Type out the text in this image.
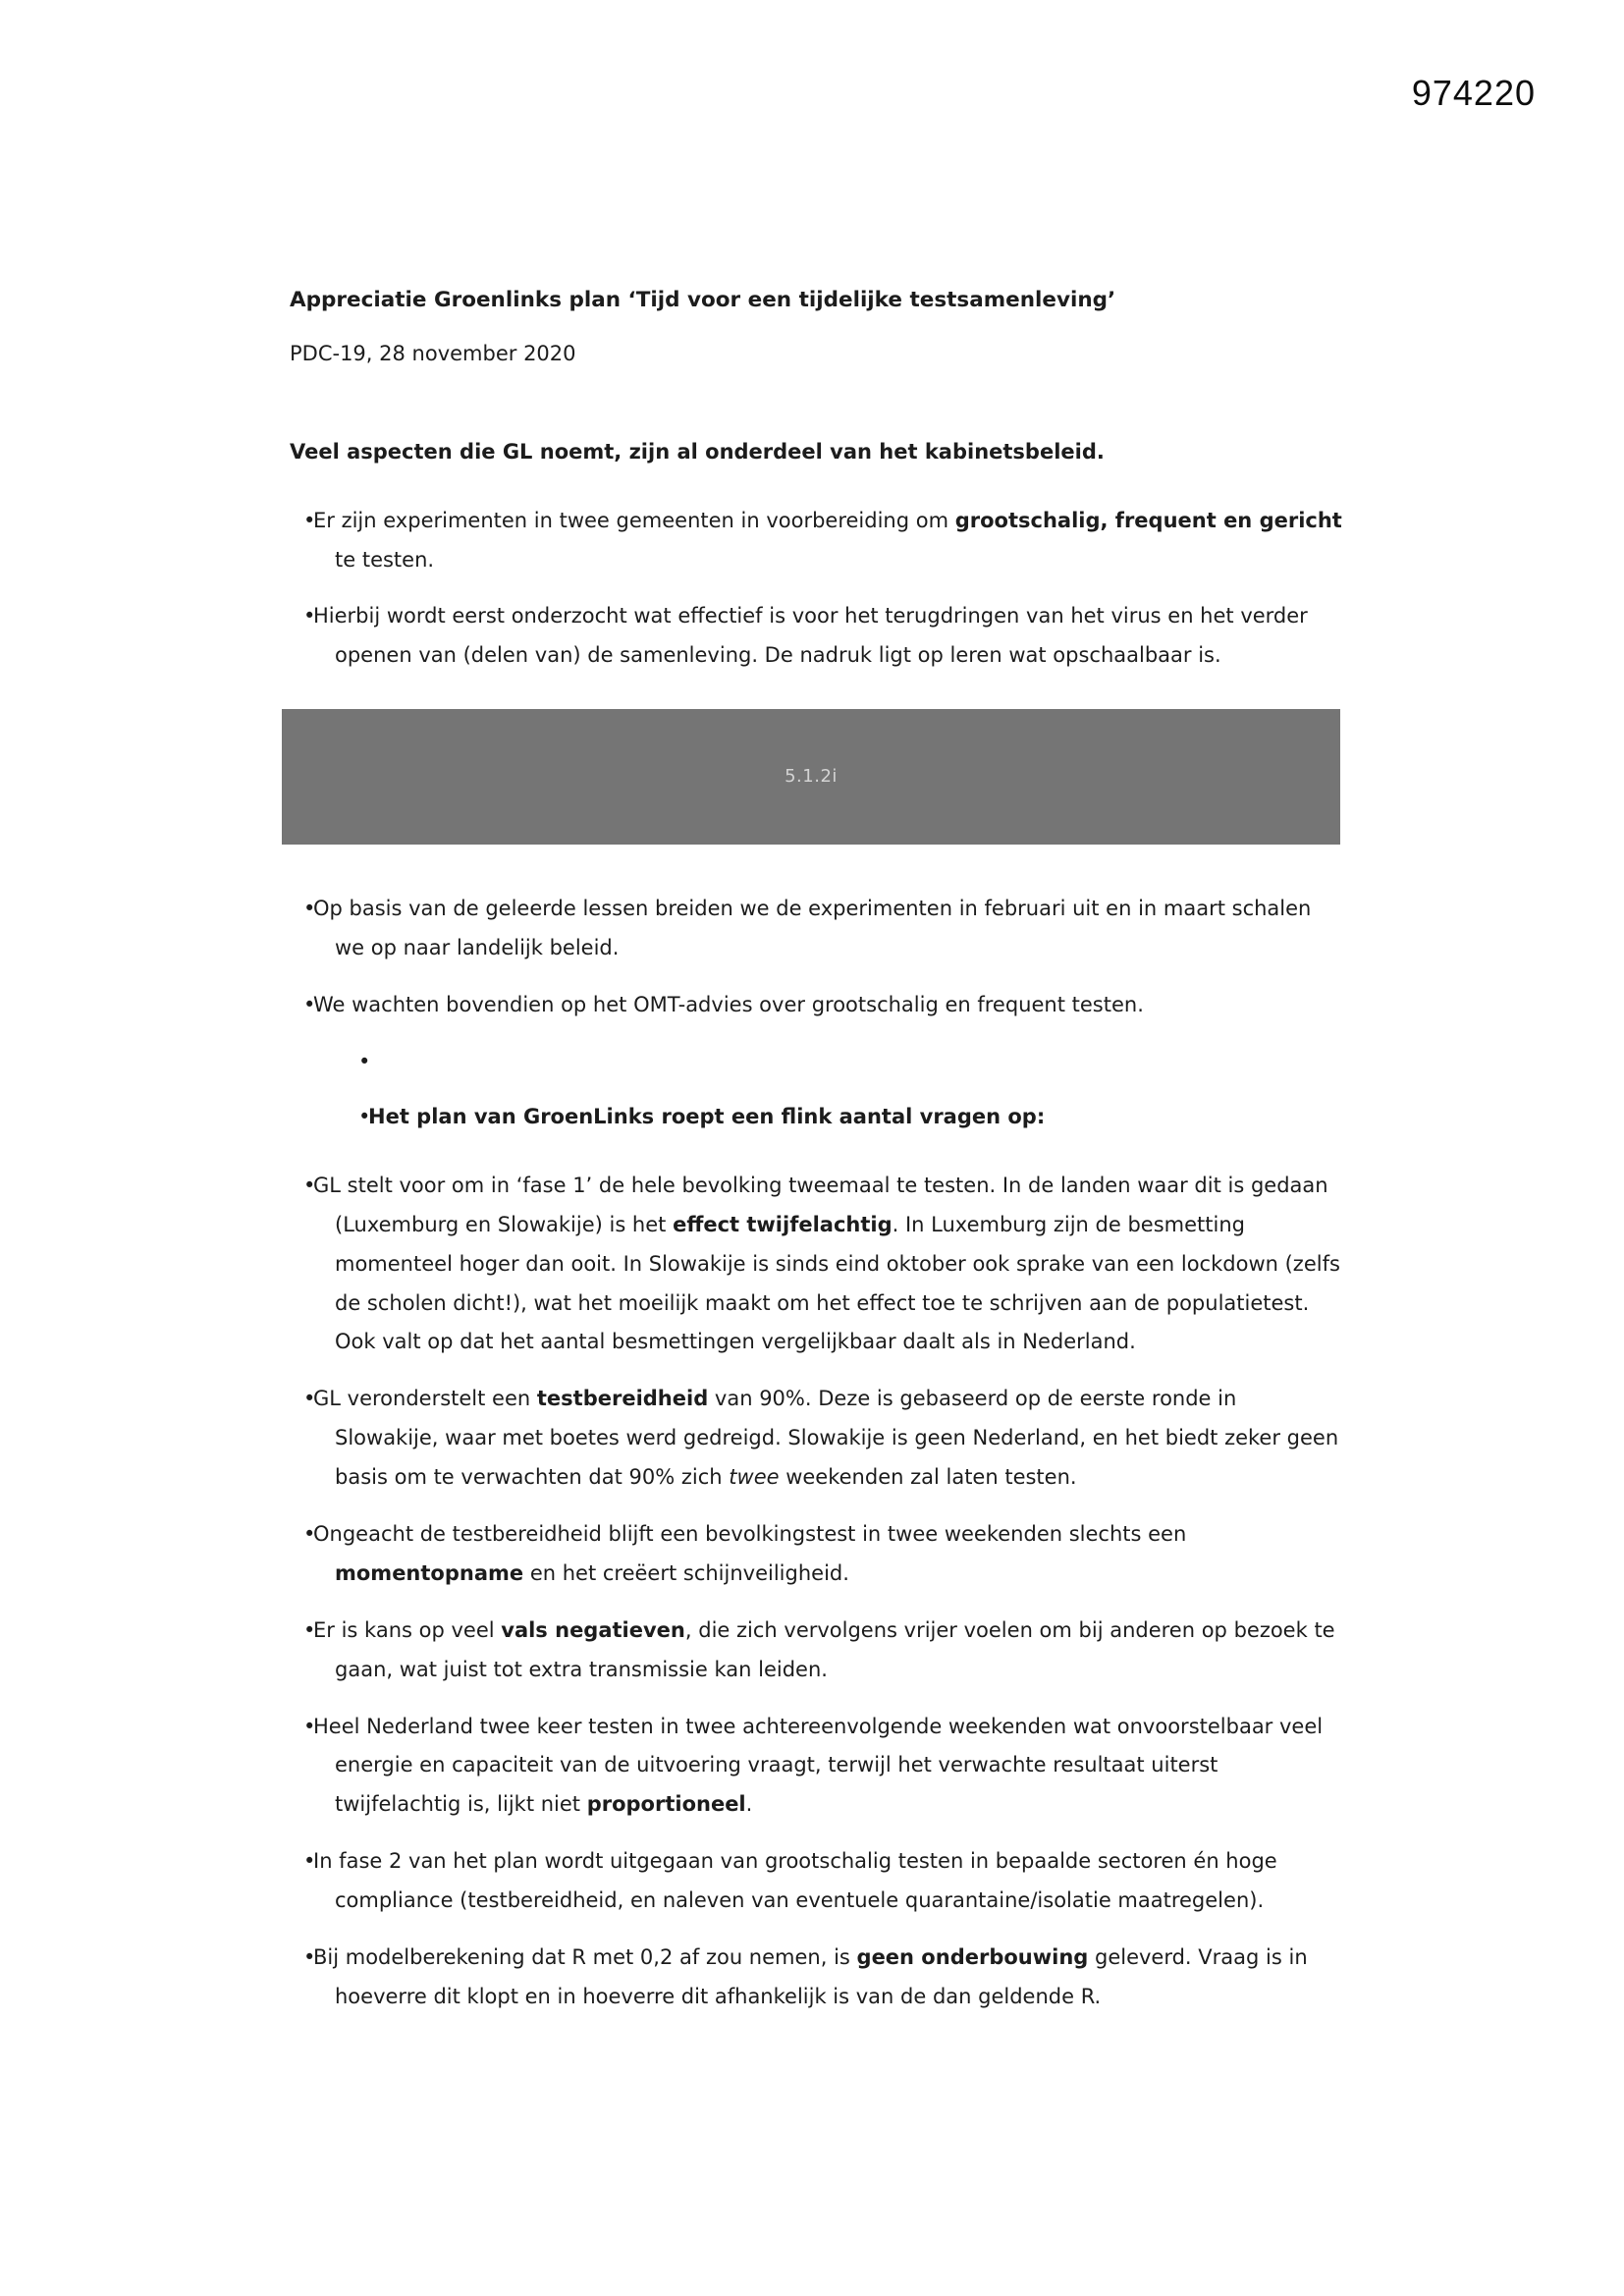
974220
Appreciatie Groenlinks plan ‘Tijd voor een tijdelijke testsamenleving’
PDC-19, 28 november 2020
Veel aspecten die GL noemt, zijn al onderdeel van het kabinetsbeleid.
• Er zijn experimenten in twee gemeenten in voorbereiding om grootschalig, frequent en gericht te testen.
• Hierbij wordt eerst onderzocht wat effectief is voor het terugdringen van het virus en het verder openen van (delen van) de samenleving. De nadruk ligt op leren wat opschaalbaar is.
5.1.2i
• Op basis van de geleerde lessen breiden we de experimenten in februari uit en in maart schalen we op naar landelijk beleid.
• We wachten bovendien op het OMT-advies over grootschalig en frequent testen.
•
• Het plan van GroenLinks roept een flink aantal vragen op:
• GL stelt voor om in ‘fase 1’ de hele bevolking tweemaal te testen. In de landen waar dit is gedaan (Luxemburg en Slowakije) is het effect twijfelachtig. In Luxemburg zijn de besmetting momenteel hoger dan ooit. In Slowakije is sinds eind oktober ook sprake van een lockdown (zelfs de scholen dicht!), wat het moeilijk maakt om het effect toe te schrijven aan de populatietest. Ook valt op dat het aantal besmettingen vergelijkbaar daalt als in Nederland.
• GL veronderstelt een testbereidheid van 90%. Deze is gebaseerd op de eerste ronde in Slowakije, waar met boetes werd gedreigd. Slowakije is geen Nederland, en het biedt zeker geen basis om te verwachten dat 90% zich twee weekenden zal laten testen.
• Ongeacht de testbereidheid blijft een bevolkingstest in twee weekenden slechts een momentopname en het creëert schijnveiligheid.
• Er is kans op veel vals negatieven, die zich vervolgens vrijer voelen om bij anderen op bezoek te gaan, wat juist tot extra transmissie kan leiden.
• Heel Nederland twee keer testen in twee achtereenvolgende weekenden wat onvoorstelbaar veel energie en capaciteit van de uitvoering vraagt, terwijl het verwachte resultaat uiterst twijfelachtig is, lijkt niet proportioneel.
• In fase 2 van het plan wordt uitgegaan van grootschalig testen in bepaalde sectoren én hoge compliance (testbereidheid, en naleven van eventuele quarantaine/isolatie maatregelen).
• Bij modelberekening dat R met 0,2 af zou nemen, is geen onderbouwing geleverd. Vraag is in hoeverre dit klopt en in hoeverre dit afhankelijk is van de dan geldende R.
